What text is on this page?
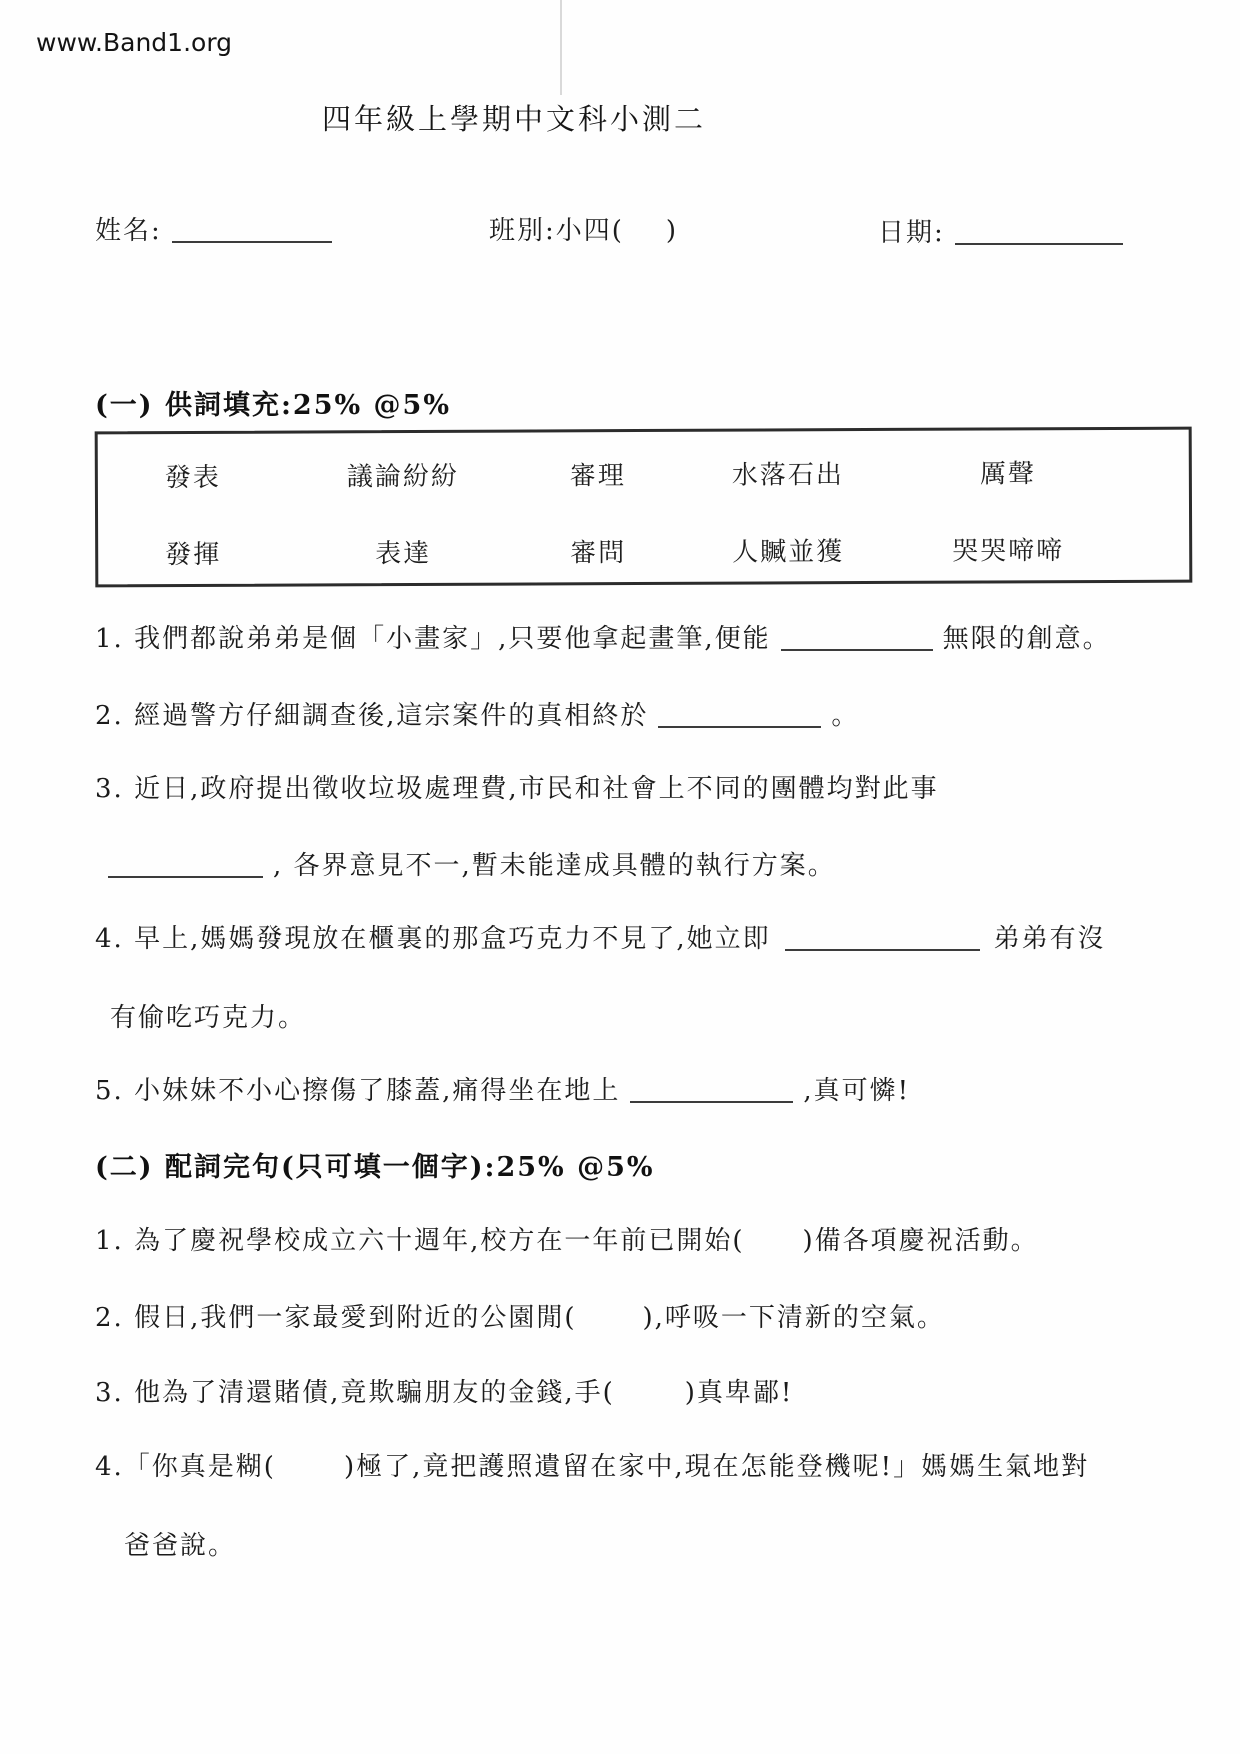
www.Band1.org
四年級上學期中文科小測二
姓名:	班別:小四( )	日期:
(一) 供詞填充:25% @5%
發表	議論紛紛	審理	水落石出	厲聲
發揮	表達	審問	人贓並獲	哭哭啼啼
1. 我們都說弟弟是個「小畫家」,只要他拿起畫筆,便能	無限的創意。
2. 經過警方仔細調查後,這宗案件的真相終於	。
3. 近日,政府提出徵收垃圾處理費,市民和社會上不同的團體均對此事
, 各界意見不一,暫未能達成具體的執行方案。
4. 早上,媽媽發現放在櫃裏的那盒巧克力不見了,她立即	弟弟有沒
有偷吃巧克力。
5. 小妹妹不小心擦傷了膝蓋,痛得坐在地上	,真可憐!
(二) 配詞完句(只可填一個字):25% @5%
1. 為了慶祝學校成立六十週年,校方在一年前已開始( )備各項慶祝活動。
2. 假日,我們一家最愛到附近的公園閒(	),呼吸一下清新的空氣。
3. 他為了清還賭債,竟欺騙朋友的金錢,手(	)真卑鄙!
4.「你真是糊(	)極了,竟把護照遺留在家中,現在怎能登機呢!」媽媽生氣地對
爸爸說。
